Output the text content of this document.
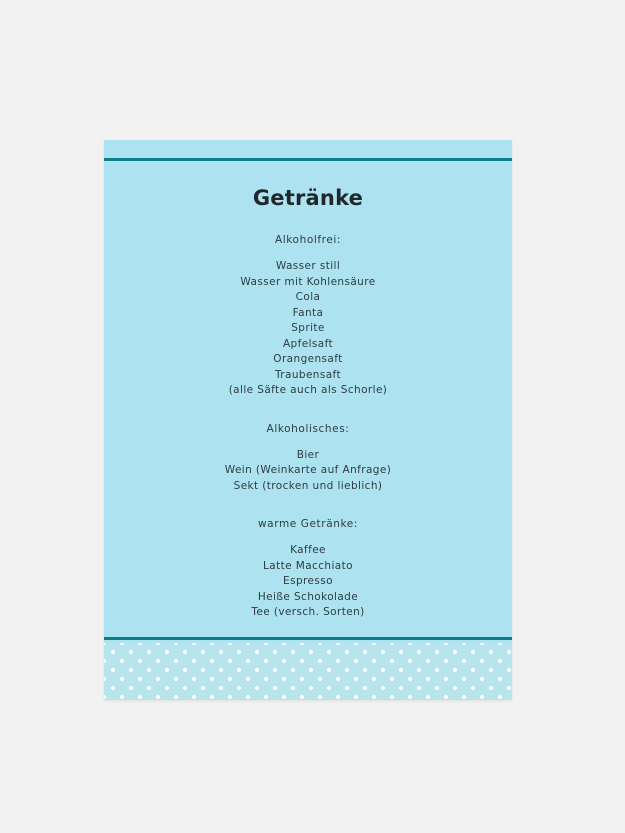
Getränke
Alkoholfrei:
Wasser still
Wasser mit Kohlensäure
Cola
Fanta
Sprite
Apfelsaft
Orangensaft
Traubensaft
(alle Säfte auch als Schorle)
Alkoholisches:
Bier
Wein (Weinkarte auf Anfrage)
Sekt (trocken und lieblich)
warme Getränke:
Kaffee
Latte Macchiato
Espresso
Heiße Schokolade
Tee (versch. Sorten)
